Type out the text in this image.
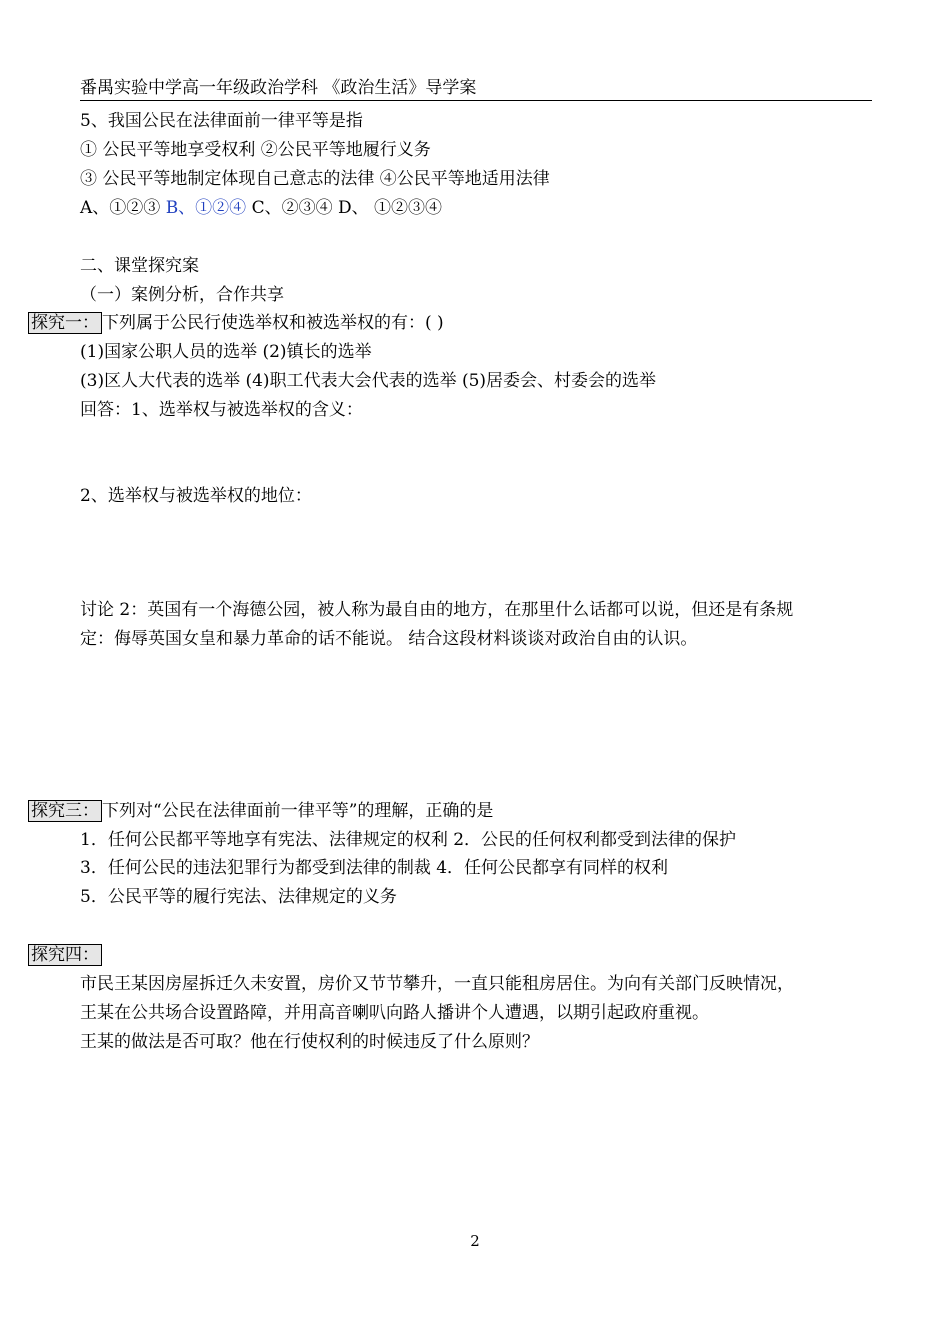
番禺实验中学高一年级政治学科 《政治生活》导学案
5、我国公民在法律面前一律平等是指
① 公民平等地享受权利 ②公民平等地履行义务
③ 公民平等地制定体现自己意志的法律 ④公民平等地适用法律
A、①②③ B、①②④ C、②③④ D、 ①②③④
二、课堂探究案
（一）案例分析，合作共享
探究一： 下列属于公民行使选举权和被选举权的有：( )
(1)国家公职人员的选举 (2)镇长的选举
(3)区人大代表的选举 (4)职工代表大会代表的选举 (5)居委会、村委会的选举
回答：1、选举权与被选举权的含义：
2、选举权与被选举权的地位：
讨论 2：英国有一个海德公园，被人称为最自由的地方，在那里什么话都可以说，但还是有条规
定：侮辱英国女皇和暴力革命的话不能说。 结合这段材料谈谈对政治自由的认识。
探究三： 下列对“公民在法律面前一律平等”的理解，正确的是
1．任何公民都平等地享有宪法、法律规定的权利 2．公民的任何权利都受到法律的保护
3．任何公民的违法犯罪行为都受到法律的制裁 4．任何公民都享有同样的权利
5．公民平等的履行宪法、法律规定的义务
探究四：
市民王某因房屋拆迁久未安置，房价又节节攀升，一直只能租房居住。为向有关部门反映情况，
王某在公共场合设置路障，并用高音喇叭向路人播讲个人遭遇，以期引起政府重视。
王某的做法是否可取？他在行使权利的时候违反了什么原则？
2
